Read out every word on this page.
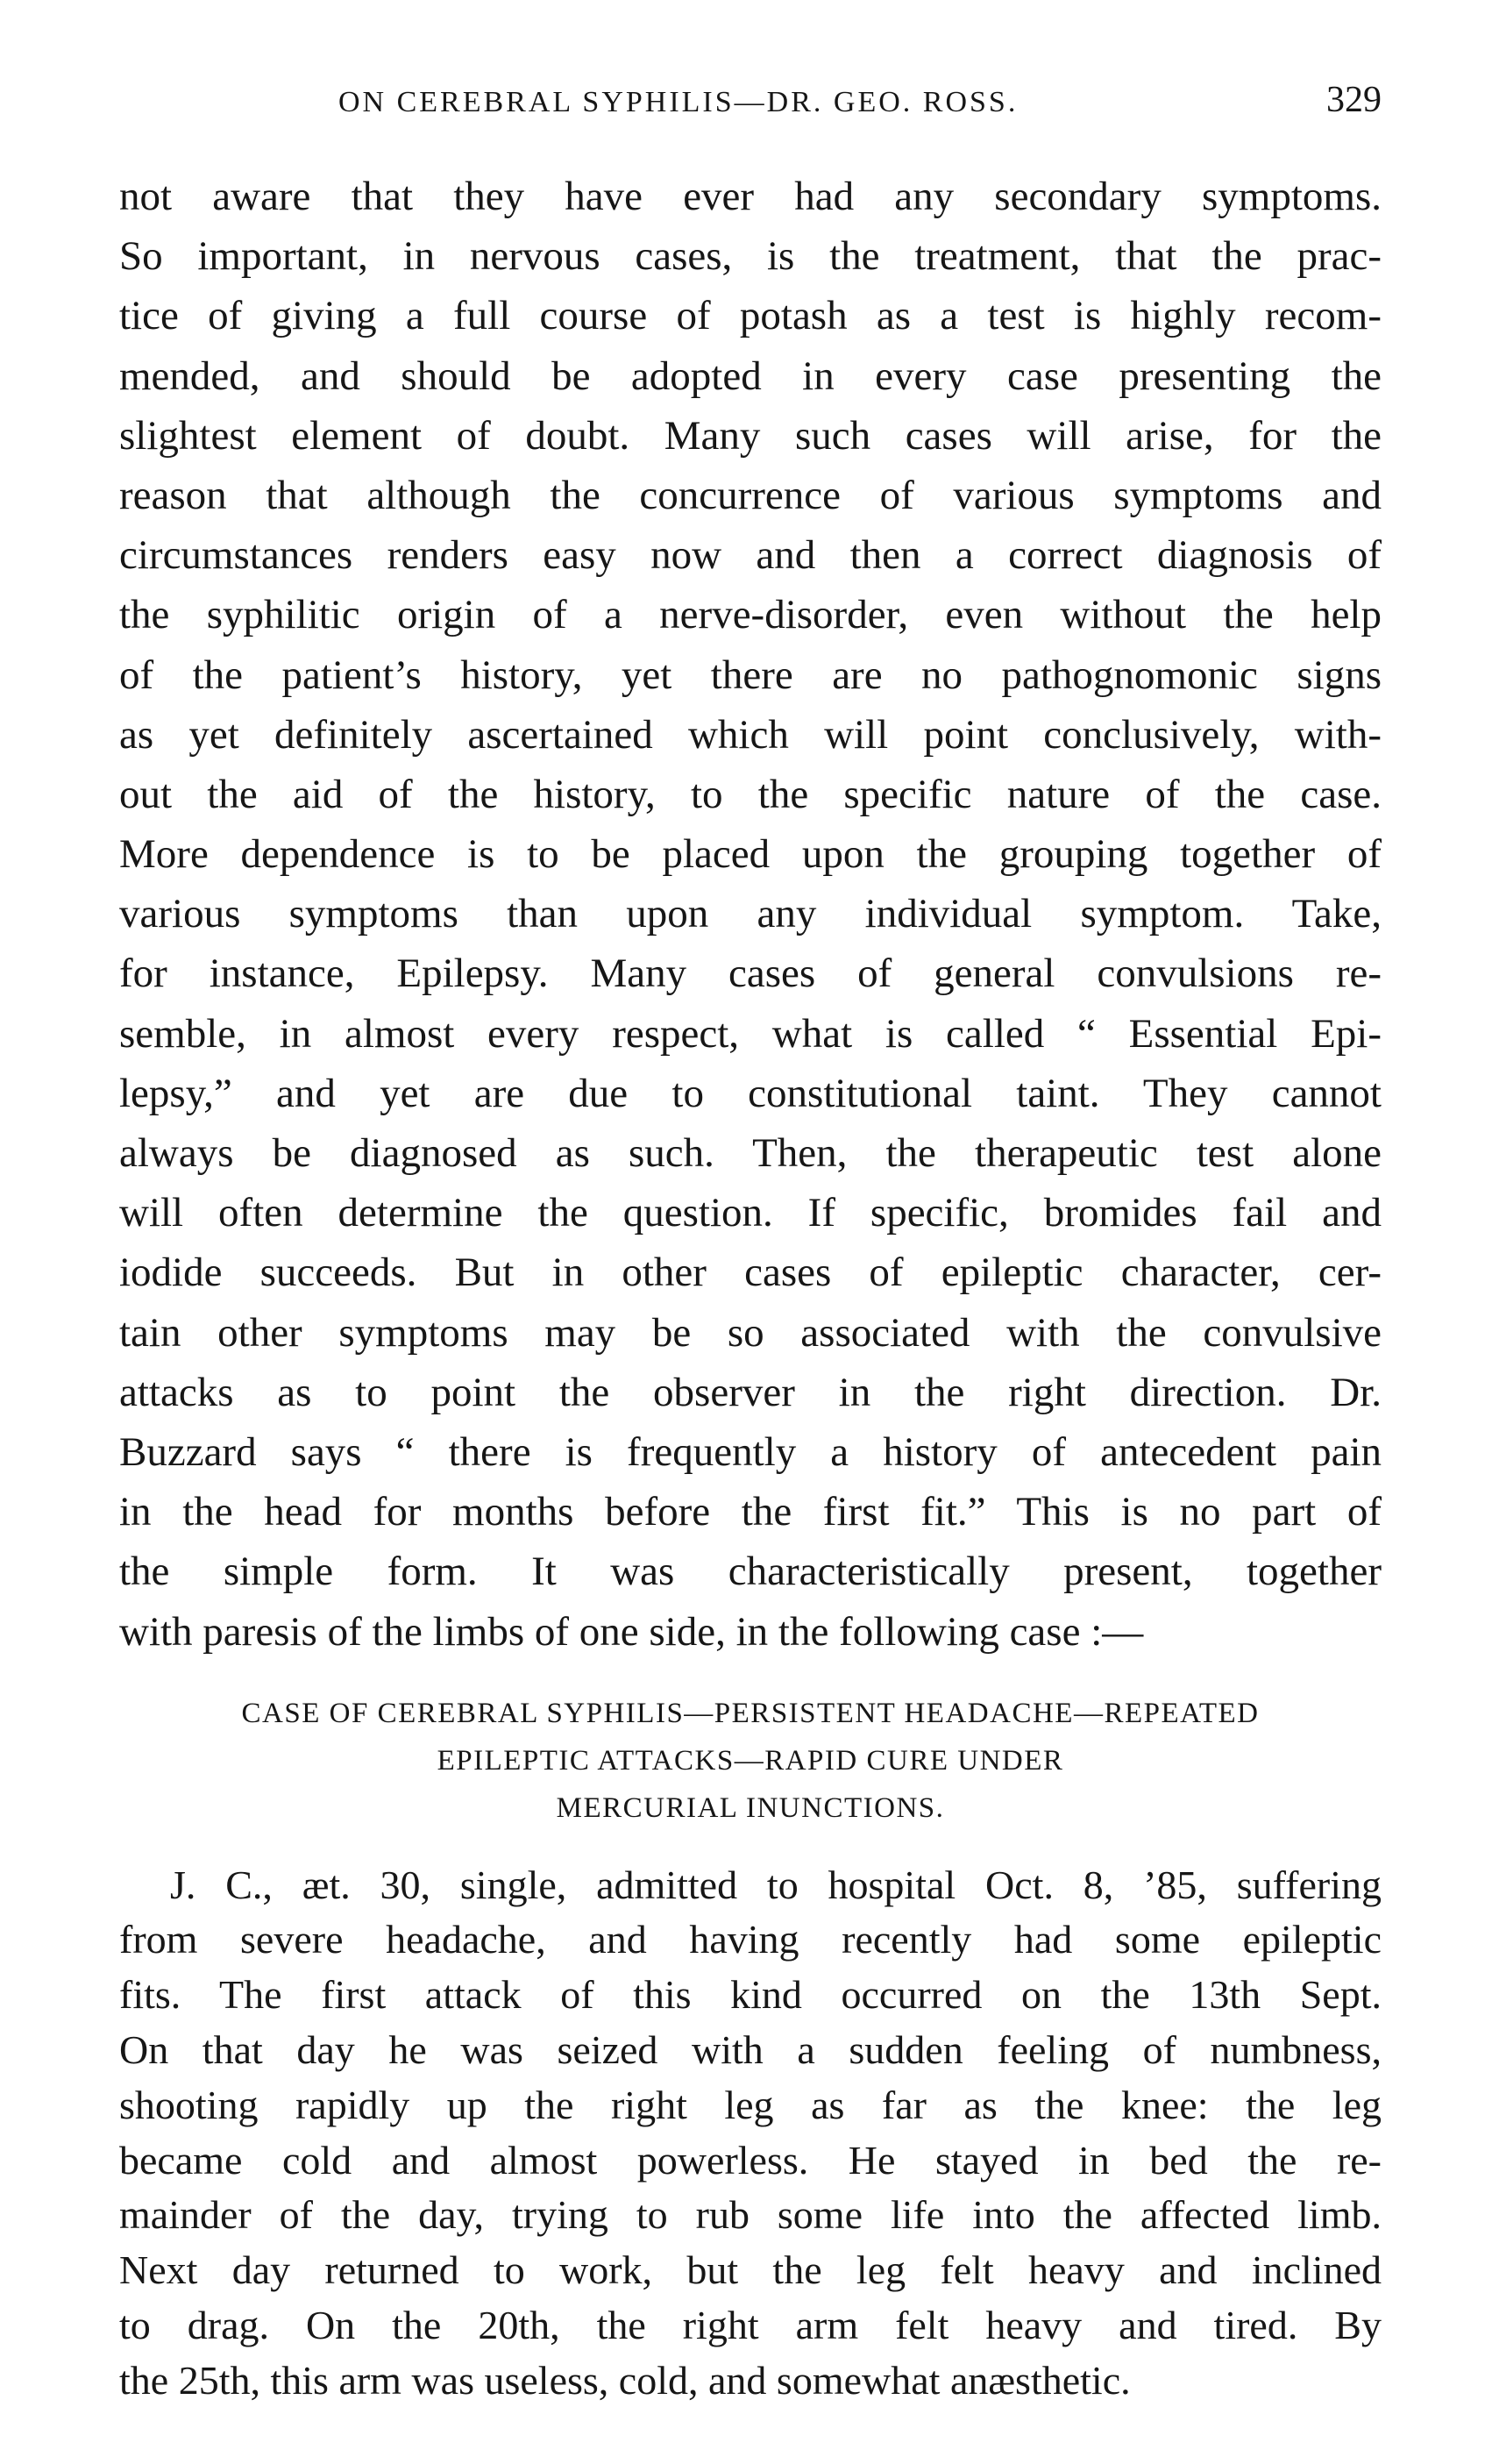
ON CEREBRAL SYPHILIS—DR. GEO. ROSS.	329
not aware that they have ever had any secondary symptoms.
So important, in nervous cases, is the treatment, that the prac-
tice of giving a full course of potash as a test is highly recom-
mended, and should be adopted in every case presenting the
slightest element of doubt. Many such cases will arise, for the
reason that although the concurrence of various symptoms and
circumstances renders easy now and then a correct diagnosis of
the syphilitic origin of a nerve-disorder, even without the help
of the patient’s history, yet there are no pathognomonic signs
as yet definitely ascertained which will point conclusively, with-
out the aid of the history, to the specific nature of the case.
More dependence is to be placed upon the grouping together of
various symptoms than upon any individual symptom. Take,
for instance, Epilepsy. Many cases of general convulsions re-
semble, in almost every respect, what is called “ Essential Epi-
lepsy,” and yet are due to constitutional taint. They cannot
always be diagnosed as such. Then, the therapeutic test alone
will often determine the question. If specific, bromides fail and
iodide succeeds. But in other cases of epileptic character, cer-
tain other symptoms may be so associated with the convulsive
attacks as to point the observer in the right direction. Dr.
Buzzard says “ there is frequently a history of antecedent pain
in the head for months before the first fit.” This is no part of
the simple form. It was characteristically present, together
with paresis of the limbs of one side, in the following case :—
CASE OF CEREBRAL SYPHILIS—PERSISTENT HEADACHE—REPEATED
EPILEPTIC ATTACKS—RAPID CURE UNDER
MERCURIAL INUNCTIONS.
J. C., æt. 30, single, admitted to hospital Oct. 8, ’85, suffering
from severe headache, and having recently had some epileptic
fits. The first attack of this kind occurred on the 13th Sept.
On that day he was seized with a sudden feeling of numbness,
shooting rapidly up the right leg as far as the knee: the leg
became cold and almost powerless. He stayed in bed the re-
mainder of the day, trying to rub some life into the affected limb.
Next day returned to work, but the leg felt heavy and inclined
to drag. On the 20th, the right arm felt heavy and tired. By
the 25th, this arm was useless, cold, and somewhat anæsthetic.
